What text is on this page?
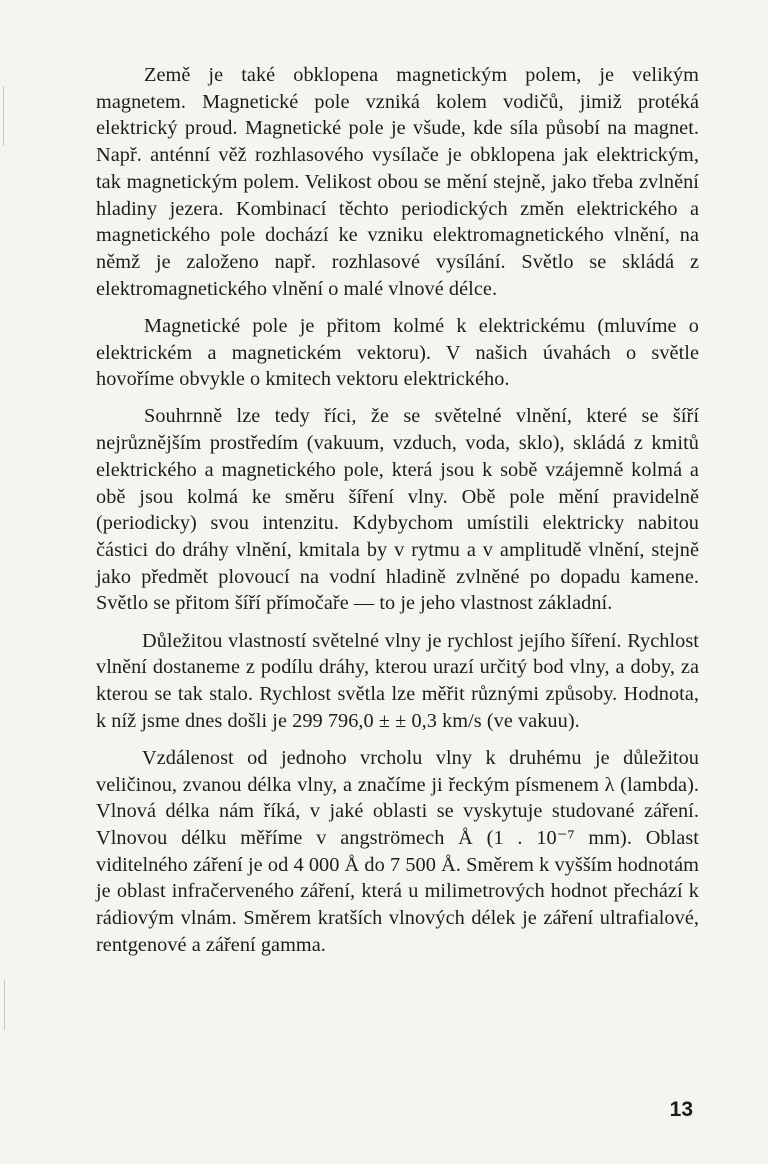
Země je také obklopena magnetickým polem, je velikým magnetem. Magnetické pole vzniká kolem vodičů, jimiž protéká elektrický proud. Magnetické pole je všude, kde síla působí na magnet. Např. anténní věž rozhlasového vysílače je obklopena jak elektrickým, tak magnetickým polem. Velikost obou se mění stejně, jako třeba zvlnění hladiny jezera. Kombinací těchto periodických změn elektrického a magnetického pole dochází ke vzniku elektromagnetického vlnění, na němž je založeno např. rozhlasové vysílání. Světlo se skládá z elektromagnetického vlnění o malé vlnové délce.

Magnetické pole je přitom kolmé k elektrickému (mluvíme o elektrickém a magnetickém vektoru). V našich úvahách o světle hovoříme obvykle o kmitech vektoru elektrického.

Souhrnně lze tedy říci, že se světelné vlnění, které se šíří nejrůznějším prostředím (vakuum, vzduch, voda, sklo), skládá z kmitů elektrického a magnetického pole, která jsou k sobě vzájemně kolmá a obě jsou kolmá ke směru šíření vlny. Obě pole mění pravidelně (periodicky) svou intenzitu. Kdybychom umístili elektricky nabitou částici do dráhy vlnění, kmitala by v rytmu a v amplitudě vlnění, stejně jako předmět plovoucí na vodní hladině zvlněné po dopadu kamene. Světlo se přitom šíří přímočaře — to je jeho vlastnost základní.

Důležitou vlastností světelné vlny je rychlost jejího šíření. Rychlost vlnění dostaneme z podílu dráhy, kterou urazí určitý bod vlny, a doby, za kterou se tak stalo. Rychlost světla lze měřit různými způsoby. Hodnota, k níž jsme dnes došli je 299 796,0 ± ± 0,3 km/s (ve vakuu).

Vzdálenost od jednoho vrcholu vlny k druhému je důležitou veličinou, zvanou délka vlny, a značíme ji řeckým písmenem λ (lambda). Vlnová délka nám říká, v jaké oblasti se vyskytuje studované záření. Vlnovou délku měříme v angströmech Å (1 . 10⁻⁷ mm). Oblast viditelného záření je od 4 000 Å do 7 500 Å. Směrem k vyšším hodnotám je oblast infračerveného záření, která u milimetrových hodnot přechází k rádiovým vlnám. Směrem kratších vlnových délek je záření ultrafialové, rentgenové a záření gamma.

13
